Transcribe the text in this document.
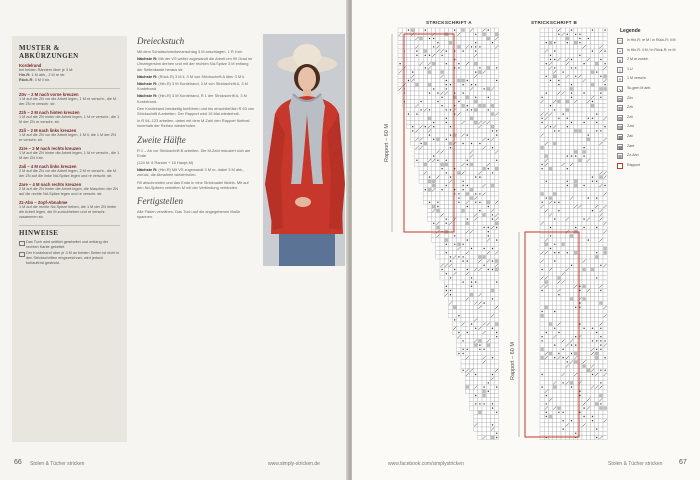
MUSTER & ABKÜRZUNGEN
Kordelrand

bei beiden Rändern über je 3 M:

Hin-R: 1 M abh., 2 M re str.

Rück-R: 3 M li str.

Zöv – 2 M nach vorne kreuzen

1 M auf die ZN vor die Arbeit legen, 1 M re verschr., die M der ZN re verschr. str.

Zzh – 2 M nach hinten kreuzen

1 M auf die ZN hinter die Arbeit legen, 1 M re verschr., die 1 M der ZN re verschr. str.

Zzli – 2 M nach links kreuzen

1 M auf die ZN vor die Arbeit legen, 1 M li, die 1 M der ZN re verschr. str.

Zzre – 2 M nach rechts kreuzen

1 M auf die ZN hinter die Arbeit legen, 1 M re verschr., die 1 M der ZN li str.

Zali – 4 M nach links kreuzen

2 M auf die ZN vor die Arbeit legen, 2 M re verschr., die M der ZN auf die linke Nd-Spitze legen und re verschr. str.

Zare – 4 M nach rechts kreuzen

2 M auf die ZN hinter die Arbeit legen, die Maschen der ZN auf die rechte Nd-Spitze legen und re verschr. str.

Zz-Abn – Zopf-Abnahme

1 M auf die rechte Nd-Spitze heben, die 1 M der ZN hinter die Arbeit legen, die M zurückheben und re verschr. zusammen str.

HINWEISE

Das Tuch wird seitlich gearbeitet und entlang der rechten Kante gekettet.

Der Kordelrand über je 3 M an beiden Seiten ist nicht in den Strickschriften eingezeichnet, wird jedoch fortlaufend gestrickt.

Dreieckstuch

Mit dem Schaltschneckenanschlag 3 M anschlagen, 1 R li str.

Nächste R: Mit der VS weiter zugewandt die Arbeit um 90 Grad im Uhrzeigersinn drehen und mit der rechten Nd-Spitze 3 M entlang der Seitenkante heraus str.

Nächste R: (Rück-R) 3 M li, 3 M von Strickschrift A über 3 M li.

Nächste R: (Hin-R) 3 M Kordelrand, 3 M von Strickschrift A, 3 M Kordelrand.

Nächste R: (Hin-R) 3 M Kordelrand, R 1 der Strickschrift A, 3 M Kordelrand.

Den Kordelrand beidseitig fortführen und bis einschließlich R 63 von Strickschrift A arbeiten. Der Rapport wird 19 Mal wiederholt.

In R 64–123 arbeiten, dabei mit dem M-Zahl den Rapport fünfmal innerhalb der Reihen wiederholen.

Zweite Hälfte

R 1 – Ab vor Strickschrift B arbeiten. Die M-Zahl reduziert sich am Ende.

(124 M: 6 Randm + 18 Haupt-M)

Nächste R: (Hin-R) Mit VS zugewandt 3 M re, dabei 3 M abk., zurück, die Abnahme wiederholen.

Fill abschneiden und das Ende in eine Stricknadel fädeln. Mit auf den Nd-Spitzen verteilten M mit der Verbindung verbinden.

Fertigstellen

Alle Fäden vernähen. Das Tuch auf die angegebenen Maße spannen.

66 Stolen & Tücher stricken	www.simply-stricken.de	www.facebook.com/simplystricken	Stolen & Tücher stricken 67
STRICKSCHRIFT A	STRICKSCHRIFT B
Rapport – 60 M
Rapport – 60 M
Legende
□	in Hin-R: re M / in Rück-R: li M
•	in Hin-R: li M / in Rück-R: re M
∧	2 M re zusstr.
○	1 U
×	1 M verschr.
↘	Sk-gem M abh.
▤ Zöv
▥ Zzh
▨ Zzli
▧ Zzre
▦ Zali
▩ Zare
⊠	Zz-Abn
Rapport
